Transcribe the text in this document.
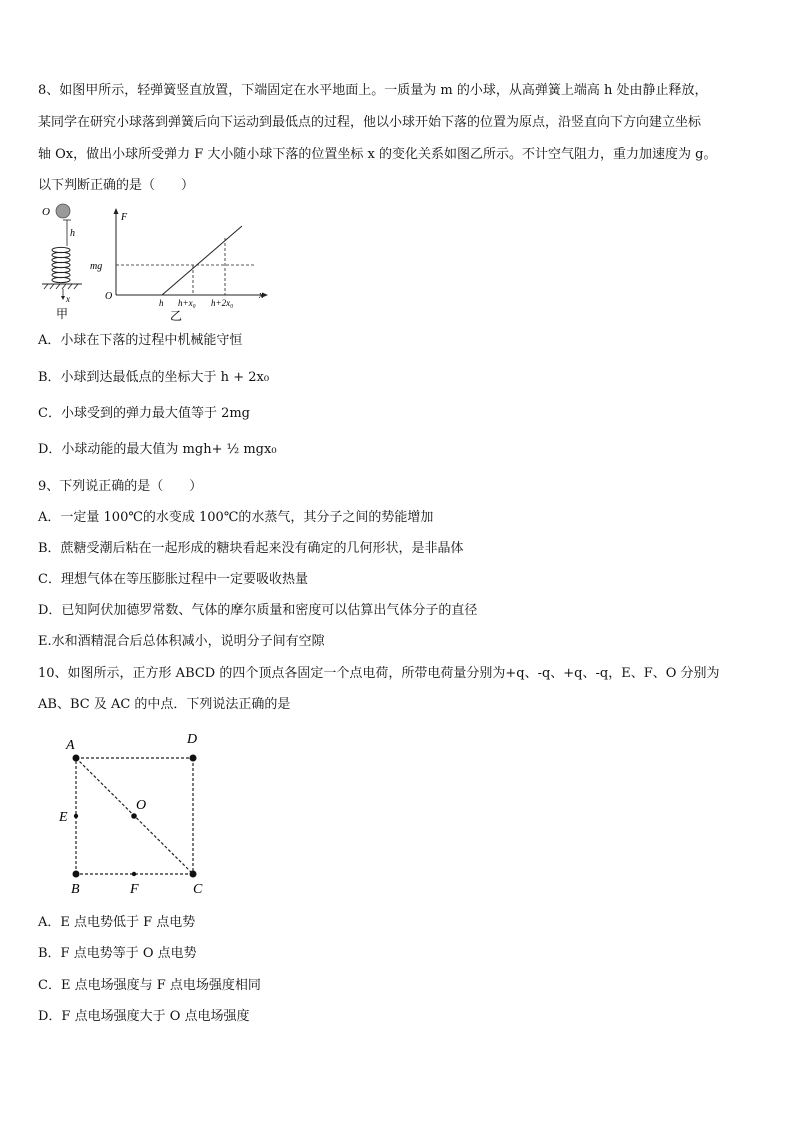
8、如图甲所示，轻弹簧竖直放置，下端固定在水平地面上。一质量为 m 的小球，从高弹簧上端高 h 处由静止释放，
某同学在研究小球落到弹簧后向下运动到最低点的过程，他以小球开始下落的位置为原点，沿竖直向下方向建立坐标
轴 Ox，做出小球所受弹力 F 大小随小球下落的位置坐标 x 的变化关系如图乙所示。不计空气阻力，重力加速度为 g。
以下判断正确的是（　　）
O
h
x
甲
F
x
O
mg
h h+x₀ h+2x₀
乙
A．小球在下落的过程中机械能守恒
B．小球到达最低点的坐标大于 h + 2x₀
C．小球受到的弹力最大值等于 2mg
D．小球动能的最大值为 mgh+ ½ mgx₀
9、下列说正确的是（　　）
A．一定量 100℃的水变成 100℃的水蒸气，其分子之间的势能增加
B．蔗糖受潮后粘在一起形成的糖块看起来没有确定的几何形状，是非晶体
C．理想气体在等压膨胀过程中一定要吸收热量
D．已知阿伏加德罗常数、气体的摩尔质量和密度可以估算出气体分子的直径
E.水和酒精混合后总体积减小，说明分子间有空隙
10、如图所示，正方形 ABCD 的四个顶点各固定一个点电荷，所带电荷量分别为+q、-q、+q、-q，E、F、O 分别为
AB、BC 及 AC 的中点．下列说法正确的是
A	D
B	C
E
F
O
A．E 点电势低于 F 点电势
B．F 点电势等于 O 点电势
C．E 点电场强度与 F 点电场强度相同
D．F 点电场强度大于 O 点电场强度
